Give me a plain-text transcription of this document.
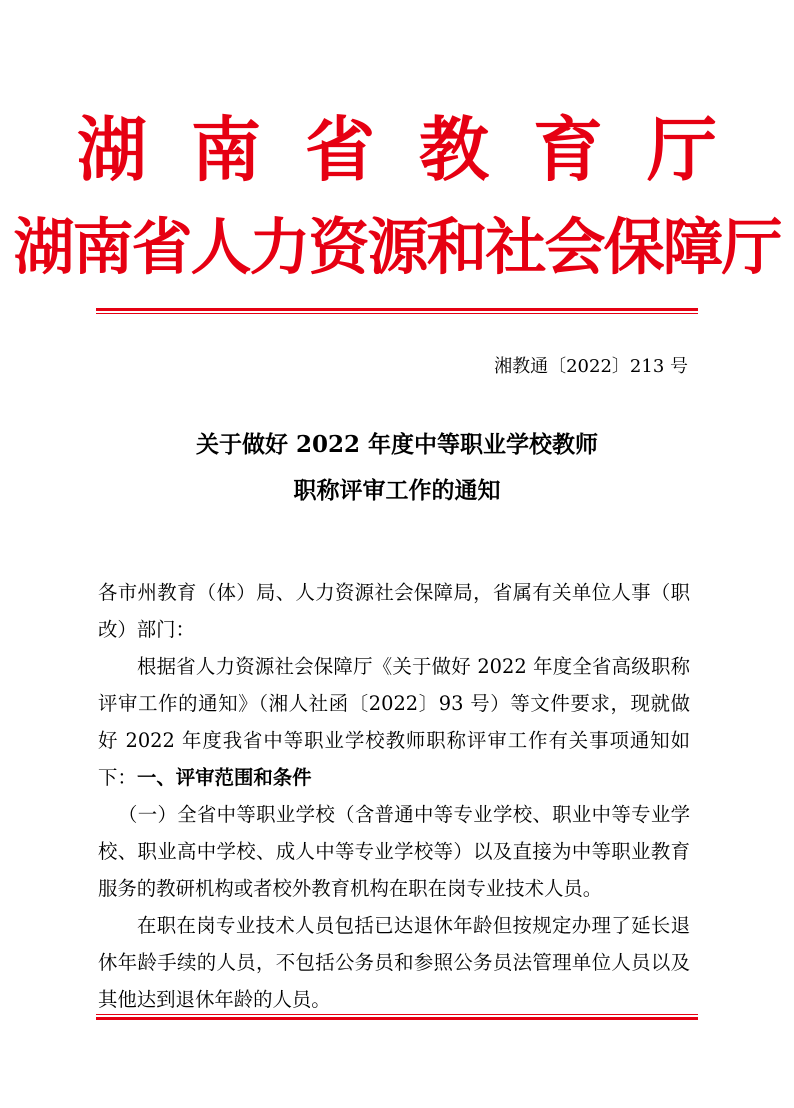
湖南省教育厅
湖南省人力资源和社会保障厅
湘教通〔2022〕213 号
关于做好 2022 年度中等职业学校教师
职称评审工作的通知
各市州教育（体）局、人力资源社会保障局，省属有关单位人事（职改）部门：
根据省人力资源社会保障厅《关于做好 2022 年度全省高级职称评审工作的通知》（湘人社函〔2022〕93 号）等文件要求，现就做好 2022 年度我省中等职业学校教师职称评审工作有关事项通知如下： 一、评审范围和条件
（一）全省中等职业学校（含普通中等专业学校、职业中等专业学校、职业高中学校、成人中等专业学校等）以及直接为中等职业教育服务的教研机构或者校外教育机构在职在岗专业技术人员。
在职在岗专业技术人员包括已达退休年龄但按规定办理了延长退休年龄手续的人员，不包括公务员和参照公务员法管理单位人员以及其他达到退休年龄的人员。
